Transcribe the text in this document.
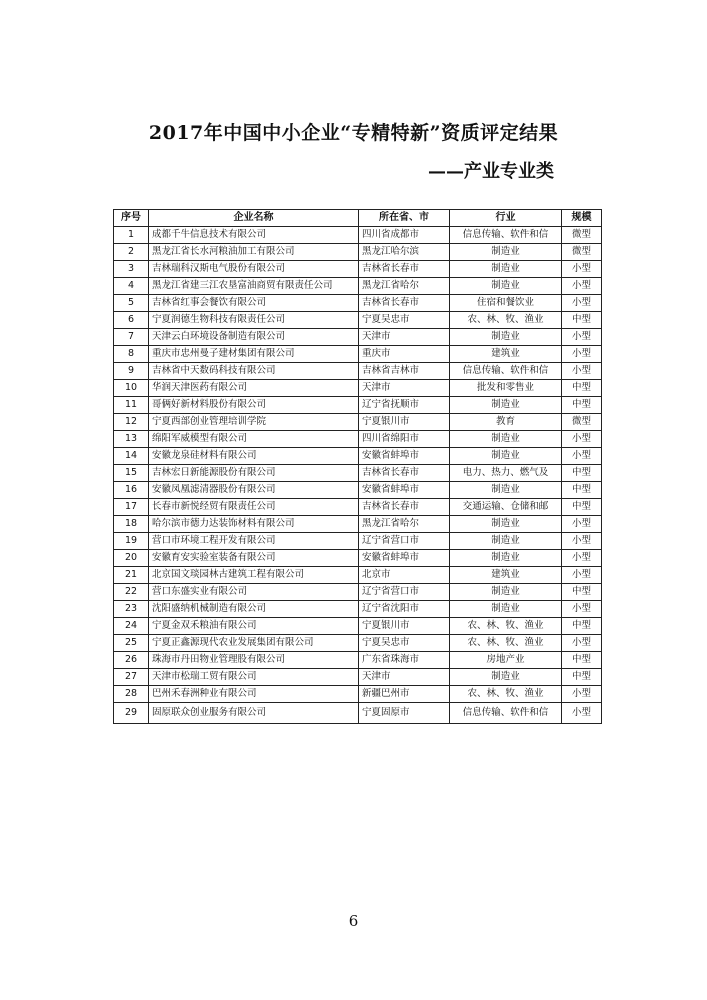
2017年中国中小企业“专精特新”资质评定结果
——产业专业类
序号	企业名称	所在省、市	行业	规模
1	成都千牛信息技术有限公司	四川省成都市	信息传输、软件和信	微型
2	黑龙江省长水河粮油加工有限公司	黑龙江哈尔滨	制造业	微型
3	吉林瑞科汉斯电气股份有限公司	吉林省长春市	制造业	小型
4	黑龙江省建三江农垦富油商贸有限责任公司	黑龙江省哈尔	制造业	小型
5	吉林省红事会餐饮有限公司	吉林省长春市	住宿和餐饮业	小型
6	宁夏润德生物科技有限责任公司	宁夏吴忠市	农、林、牧、渔业	中型
7	天津云白环境设备制造有限公司	天津市	制造业	小型
8	重庆市忠州曼子建材集团有限公司	重庆市	建筑业	小型
9	吉林省中天数码科技有限公司	吉林省吉林市	信息传输、软件和信	小型
10	华润天津医药有限公司	天津市	批发和零售业	中型
11	哥俩好新材料股份有限公司	辽宁省抚顺市	制造业	中型
12	宁夏西部创业管理培训学院	宁夏银川市	教育	微型
13	绵阳军威模型有限公司	四川省绵阳市	制造业	小型
14	安徽龙泉硅材料有限公司	安徽省蚌埠市	制造业	小型
15	吉林宏日新能源股份有限公司	吉林省长春市	电力、热力、燃气及	中型
16	安徽凤凰滤清器股份有限公司	安徽省蚌埠市	制造业	中型
17	长春市新悦经贸有限责任公司	吉林省长春市	交通运输、仓储和邮	中型
18	哈尔滨市德力达装饰材料有限公司	黑龙江省哈尔	制造业	小型
19	营口市环境工程开发有限公司	辽宁省营口市	制造业	小型
20	安徽育安实验室装备有限公司	安徽省蚌埠市	制造业	小型
21	北京国文琰园林古建筑工程有限公司	北京市	建筑业	小型
22	营口东盛实业有限公司	辽宁省营口市	制造业	中型
23	沈阳盛纳机械制造有限公司	辽宁省沈阳市	制造业	小型
24	宁夏金双禾粮油有限公司	宁夏银川市	农、林、牧、渔业	中型
25	宁夏正鑫源现代农业发展集团有限公司	宁夏吴忠市	农、林、牧、渔业	小型
26	珠海市丹田物业管理股有限公司	广东省珠海市	房地产业	中型
27	天津市松瑞工贸有限公司	天津市	制造业	中型
28	巴州禾春洲种业有限公司	新疆巴州市	农、林、牧、渔业	小型
29	固原联众创业服务有限公司	宁夏固原市	信息传输、软件和信	小型
6
